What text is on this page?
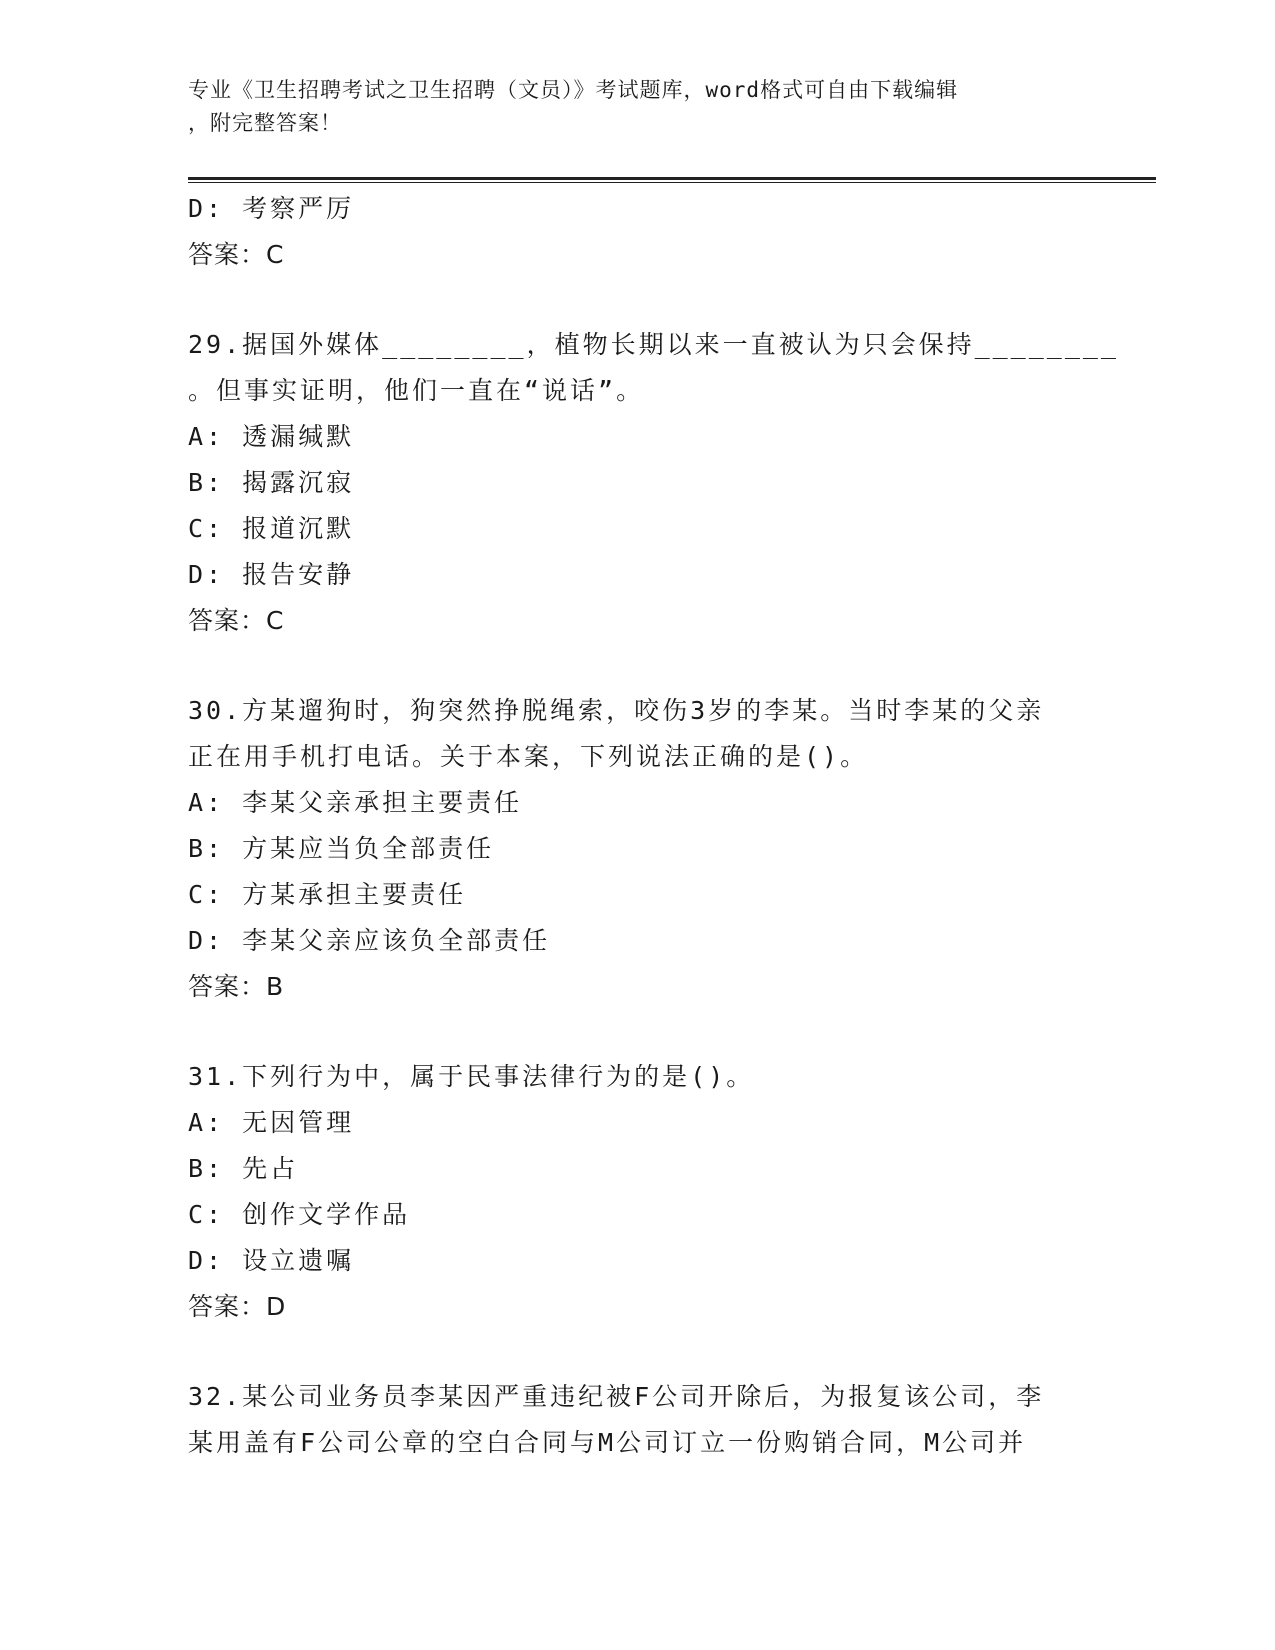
专业《卫生招聘考试之卫生招聘（文员）》考试题库，word格式可自由下载编辑
，附完整答案！
D: 考察严厉
答案：C
29.据国外媒体________，植物长期以来一直被认为只会保持________
。但事实证明，他们一直在“说话”。
A: 透漏缄默
B: 揭露沉寂
C: 报道沉默
D: 报告安静
答案：C
30.方某遛狗时，狗突然挣脱绳索，咬伤3岁的李某。当时李某的父亲
正在用手机打电话。关于本案，下列说法正确的是()。
A: 李某父亲承担主要责任
B: 方某应当负全部责任
C: 方某承担主要责任
D: 李某父亲应该负全部责任
答案：B
31.下列行为中，属于民事法律行为的是()。
A: 无因管理
B: 先占
C: 创作文学作品
D: 设立遗嘱
答案：D
32.某公司业务员李某因严重违纪被F公司开除后，为报复该公司，李
某用盖有F公司公章的空白合同与M公司订立一份购销合同，M公司并
